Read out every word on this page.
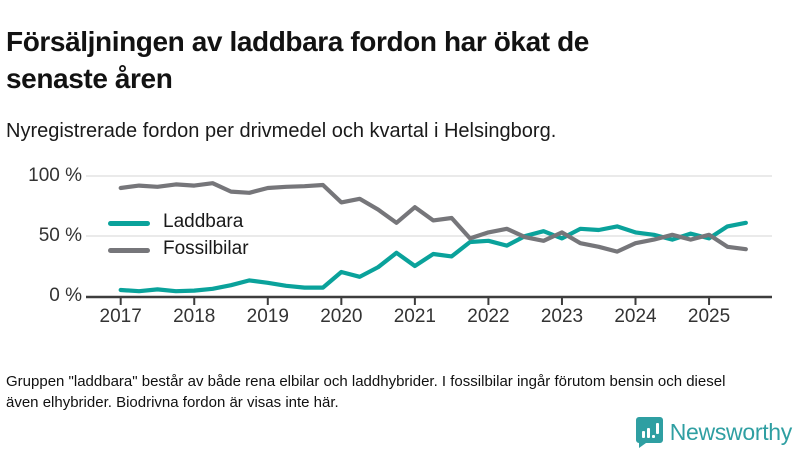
Försäljningen av laddbara fordon har ökat de senaste åren
Nyregistrerade fordon per drivmedel och kvartal i Helsingborg.
100 %
50 %
0 %
2017	2018	2019	2020	2021	2022	2023	2024	2025
Laddbara
Fossilbilar
Gruppen "laddbara" består av både rena elbilar och laddhybrider. I fossilbilar ingår förutom bensin och diesel även elhybrider. Biodrivna fordon är visas inte här.
Newsworthy
